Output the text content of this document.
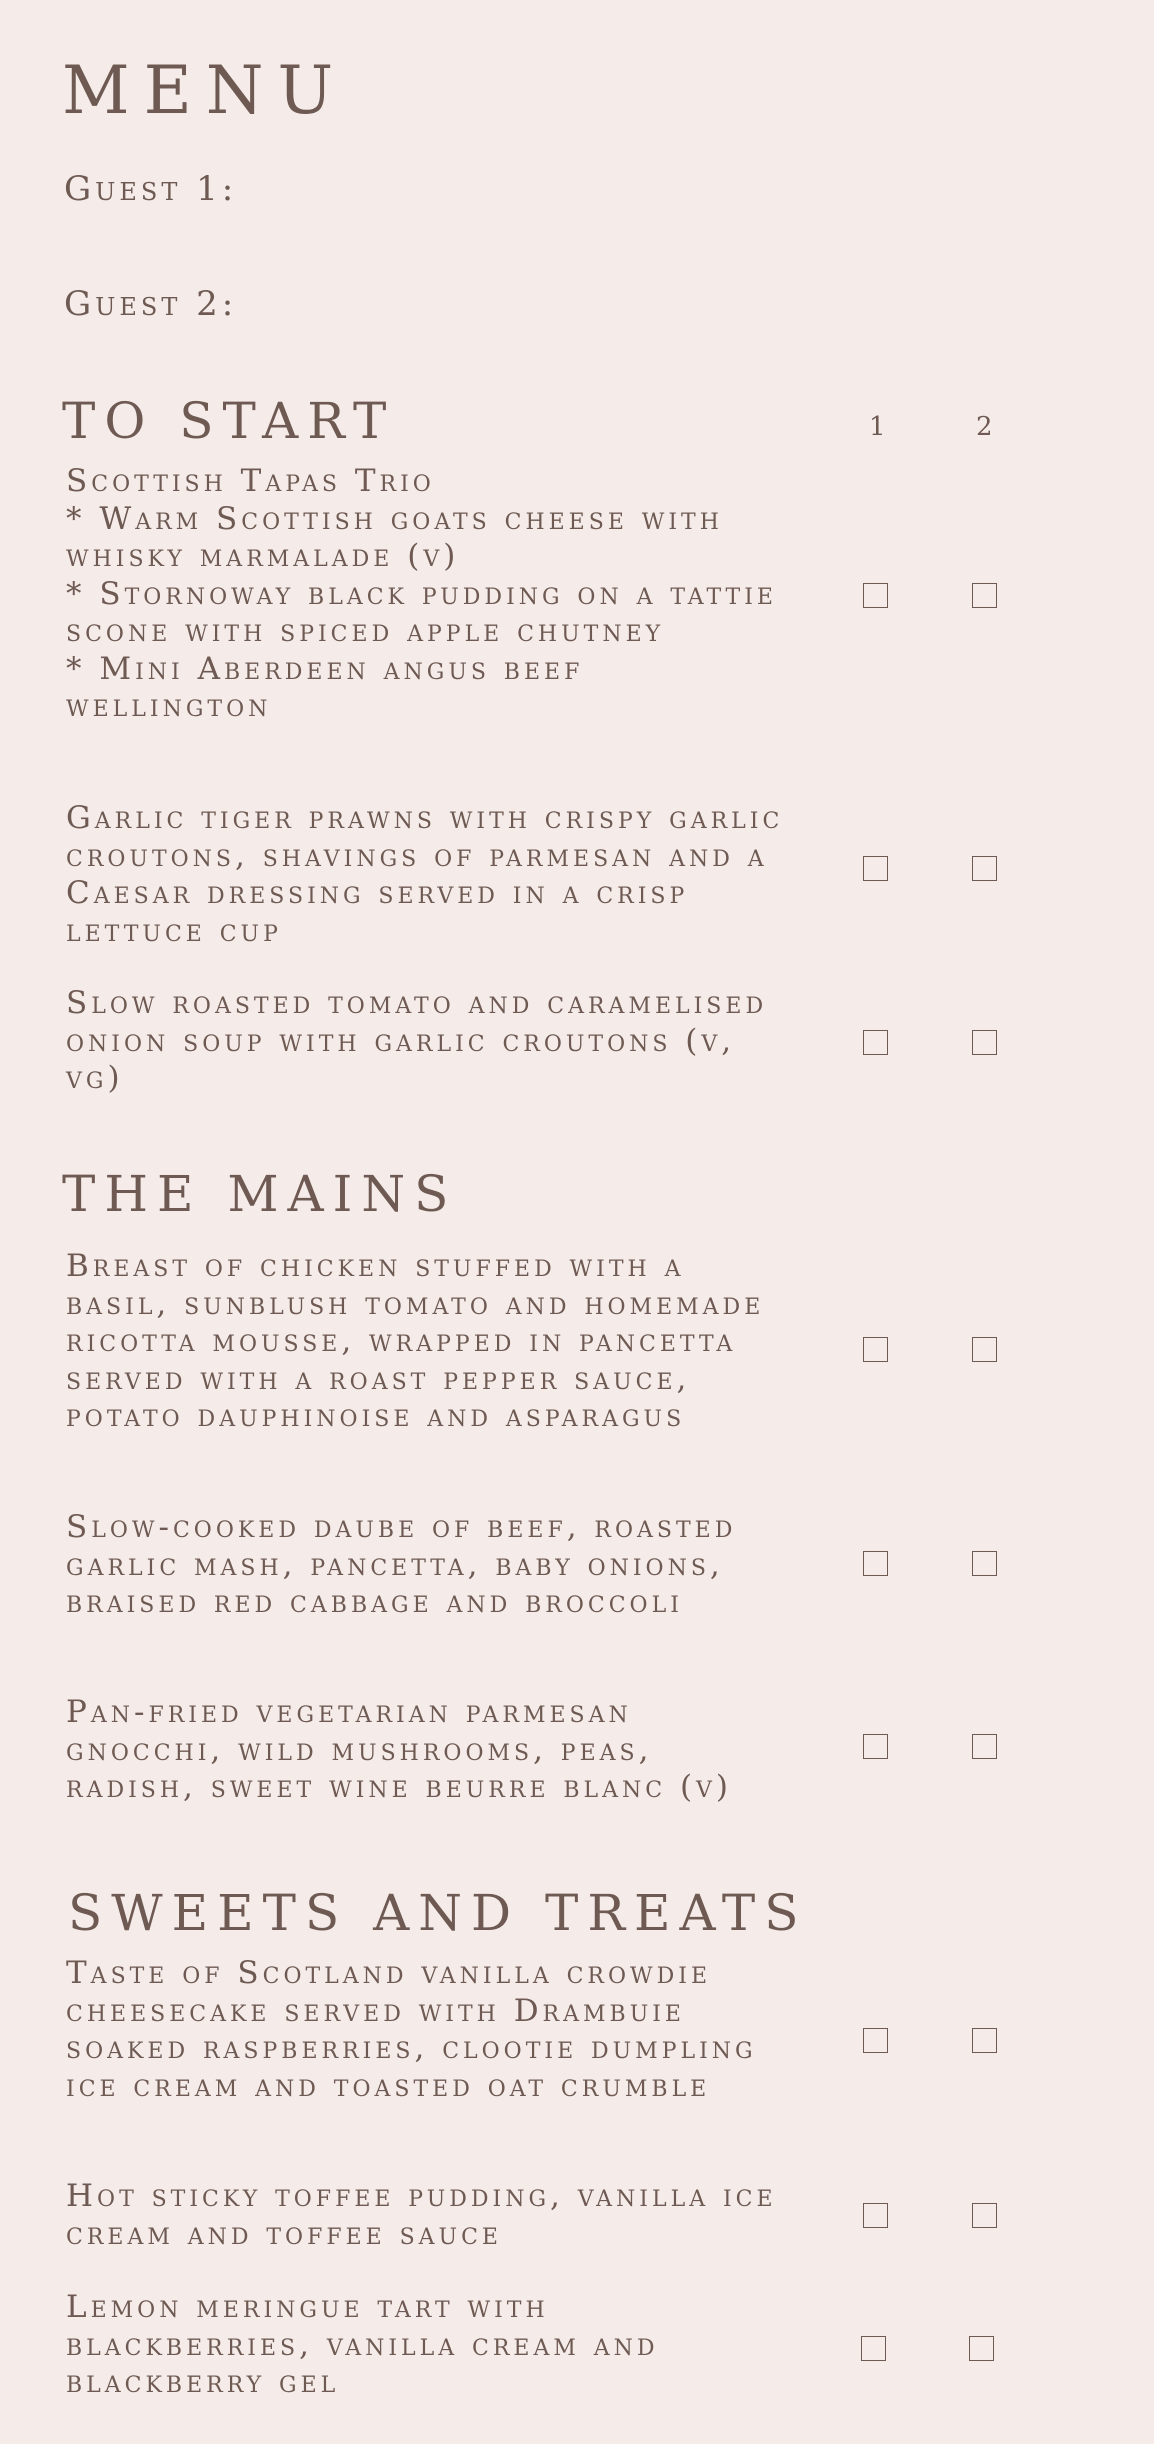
MENU
Guest 1:
Guest 2:
TO START	1	2

Scottish Tapas Trio
* Warm Scottish goats cheese with whisky marmalade (v)
* Stornoway black pudding on a tattie scone with spiced apple chutney
* Mini Aberdeen angus beef wellington

Garlic tiger prawns with crispy garlic croutons, shavings of parmesan and a Caesar dressing served in a crisp lettuce cup

Slow roasted tomato and caramelised onion soup with garlic croutons (v, vg)

THE MAINS

Breast of chicken stuffed with a basil, sunblush tomato and homemade ricotta mousse, wrapped in pancetta served with a roast pepper sauce, potato dauphinoise and asparagus

Slow-cooked daube of beef, roasted garlic mash, pancetta, baby onions, braised red cabbage and broccoli

Pan-fried vegetarian parmesan gnocchi, wild mushrooms, peas, radish, sweet wine beurre blanc (v)

SWEETS AND TREATS

Taste of Scotland vanilla crowdie cheesecake served with Drambuie soaked raspberries, clootie dumpling ice cream and toasted oat crumble

Hot sticky toffee pudding, vanilla ice cream and toffee sauce

Lemon meringue tart with blackberries, vanilla cream and blackberry gel
